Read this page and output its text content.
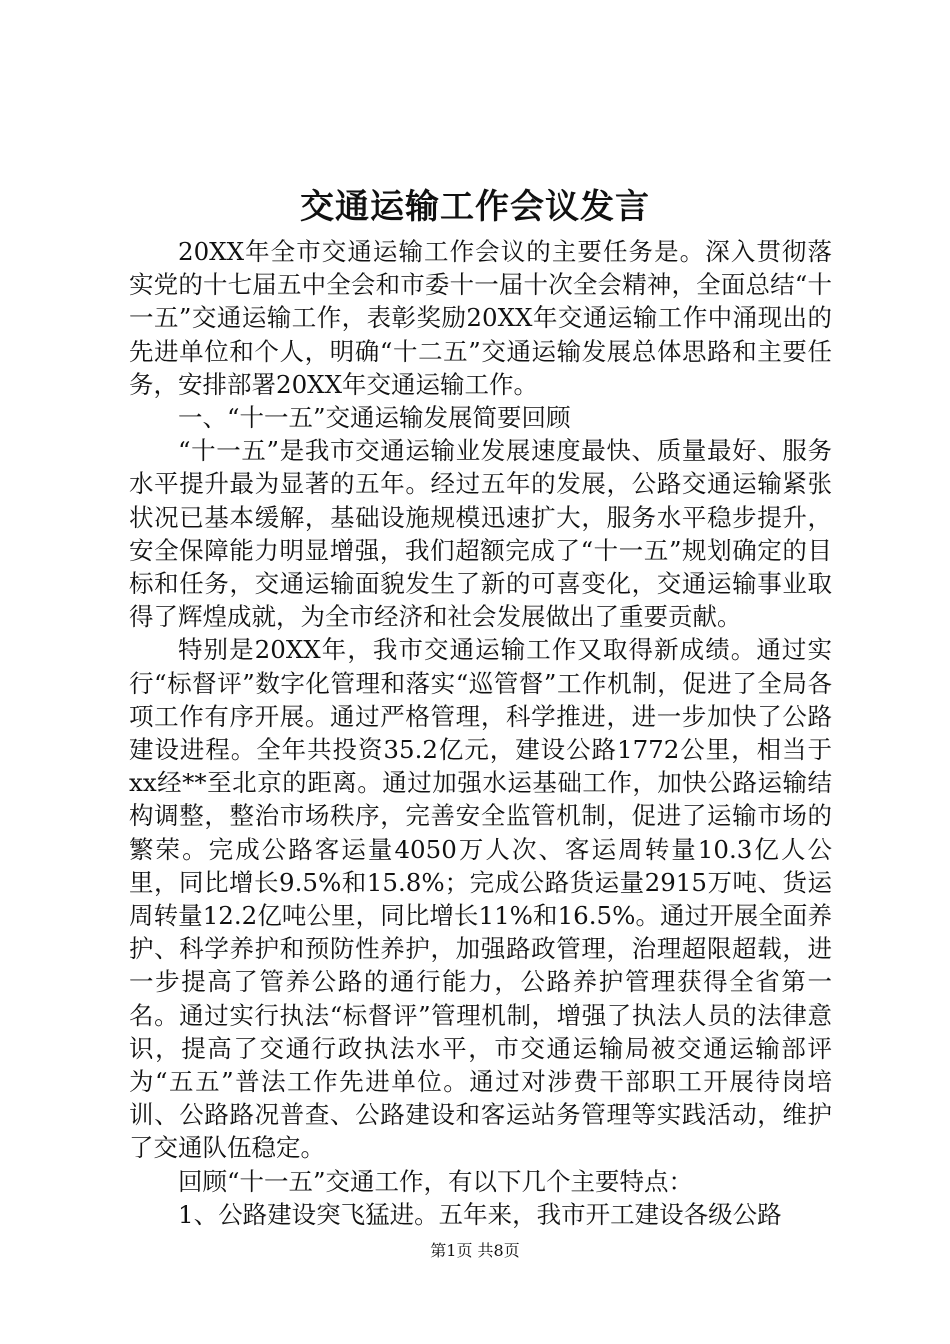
交通运输工作会议发言

20XX年全市交通运输工作会议的主要任务是。深入贯彻落实党的十七届五中全会和市委十一届十次全会精神，全面总结“十一五”交通运输工作，表彰奖励20XX年交通运输工作中涌现出的先进单位和个人，明确“十二五”交通运输发展总体思路和主要任务，安排部署20XX年交通运输工作。

一、“十一五”交通运输发展简要回顾

“十一五”是我市交通运输业发展速度最快、质量最好、服务水平提升最为显著的五年。经过五年的发展，公路交通运输紧张状况已基本缓解，基础设施规模迅速扩大，服务水平稳步提升，安全保障能力明显增强，我们超额完成了“十一五”规划确定的目标和任务，交通运输面貌发生了新的可喜变化，交通运输事业取得了辉煌成就，为全市经济和社会发展做出了重要贡献。

特别是20XX年，我市交通运输工作又取得新成绩。通过实行“标督评”数字化管理和落实“巡管督”工作机制，促进了全局各项工作有序开展。通过严格管理，科学推进，进一步加快了公路建设进程。全年共投资35.2亿元，建设公路1772公里，相当于xx经**至北京的距离。通过加强水运基础工作，加快公路运输结构调整，整治市场秩序，完善安全监管机制，促进了运输市场的繁荣。完成公路客运量4050万人次、客运周转量10.3亿人公里，同比增长9.5%和15.8%；完成公路货运量2915万吨、货运周转量12.2亿吨公里，同比增长11%和16.5%。通过开展全面养护、科学养护和预防性养护，加强路政管理，治理超限超载，进一步提高了管养公路的通行能力，公路养护管理获得全省第一名。通过实行执法“标督评”管理机制，增强了执法人员的法律意识，提高了交通行政执法水平，市交通运输局被交通运输部评为“五五”普法工作先进单位。通过对涉费干部职工开展待岗培训、公路路况普查、公路建设和客运站务管理等实践活动，维护了交通队伍稳定。

回顾“十一五”交通工作，有以下几个主要特点：

1、公路建设突飞猛进。五年来，我市开工建设各级公路

第1页 共8页
